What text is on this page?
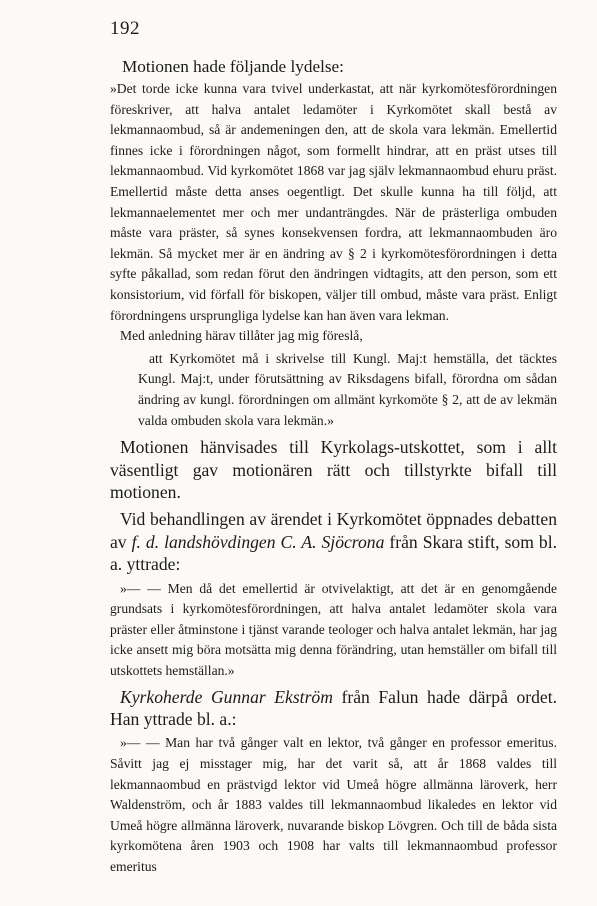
192

Motionen hade följande lydelse:

»Det torde icke kunna vara tvivel underkastat, att när kyrkomötesförordningen föreskriver, att halva antalet ledamöter i Kyrkomötet skall bestå av lekmannaombud, så är andemeningen den, att de skola vara lekmän. Emellertid finnes icke i förordningen något, som formellt hindrar, att en präst utses till lekmannaombud. Vid kyrkomötet 1868 var jag själv lekmannaombud ehuru präst. Emellertid måste detta anses oegentligt. Det skulle kunna ha till följd, att lekmannaelementet mer och mer undanträngdes. När de prästerliga ombuden måste vara präster, så synes konsekvensen fordra, att lekmannaombuden äro lekmän. Så mycket mer är en ändring av § 2 i kyrkomötesförordningen i detta syfte påkallad, som redan förut den ändringen vidtagits, att den person, som ett konsistorium, vid förfall för biskopen, väljer till ombud, måste vara präst. Enligt förordningens ursprungliga lydelse kan han även vara lekman.

Med anledning härav tillåter jag mig föreslå,

att Kyrkomötet må i skrivelse till Kungl. Maj:t hemställa, det täcktes Kungl. Maj:t, under förutsättning av Riksdagens bifall, förordna om sådan ändring av kungl. förordningen om allmänt kyrkomöte § 2, att de av lekmän valda ombuden skola vara lekmän.»

Motionen hänvisades till Kyrkolags-utskottet, som i allt väsentligt gav motionären rätt och tillstyrkte bifall till motionen.

Vid behandlingen av ärendet i Kyrkomötet öppnades debatten av f. d. landshövdingen C. A. Sjöcrona från Skara stift, som bl. a. yttrade:

»— — Men då det emellertid är otvivelaktigt, att det är en genomgående grundsats i kyrkomötesförordningen, att halva antalet ledamöter skola vara präster eller åtminstone i tjänst varande teologer och halva antalet lekmän, har jag icke ansett mig böra motsätta mig denna förändring, utan hemställer om bifall till utskottets hemställan.»

Kyrkoherde Gunnar Ekström från Falun hade därpå ordet. Han yttrade bl. a.:

»— — Man har två gånger valt en lektor, två gånger en professor emeritus. Såvitt jag ej misstager mig, har det varit så, att år 1868 valdes till lekmannaombud en prästvigd lektor vid Umeå högre allmänna läroverk, herr Waldenström, och år 1883 valdes till lekmannaombud likaledes en lektor vid Umeå högre allmänna läroverk, nuvarande biskop Lövgren. Och till de båda sista kyrkomötena åren 1903 och 1908 har valts till lekmannaombud professor emeritus
